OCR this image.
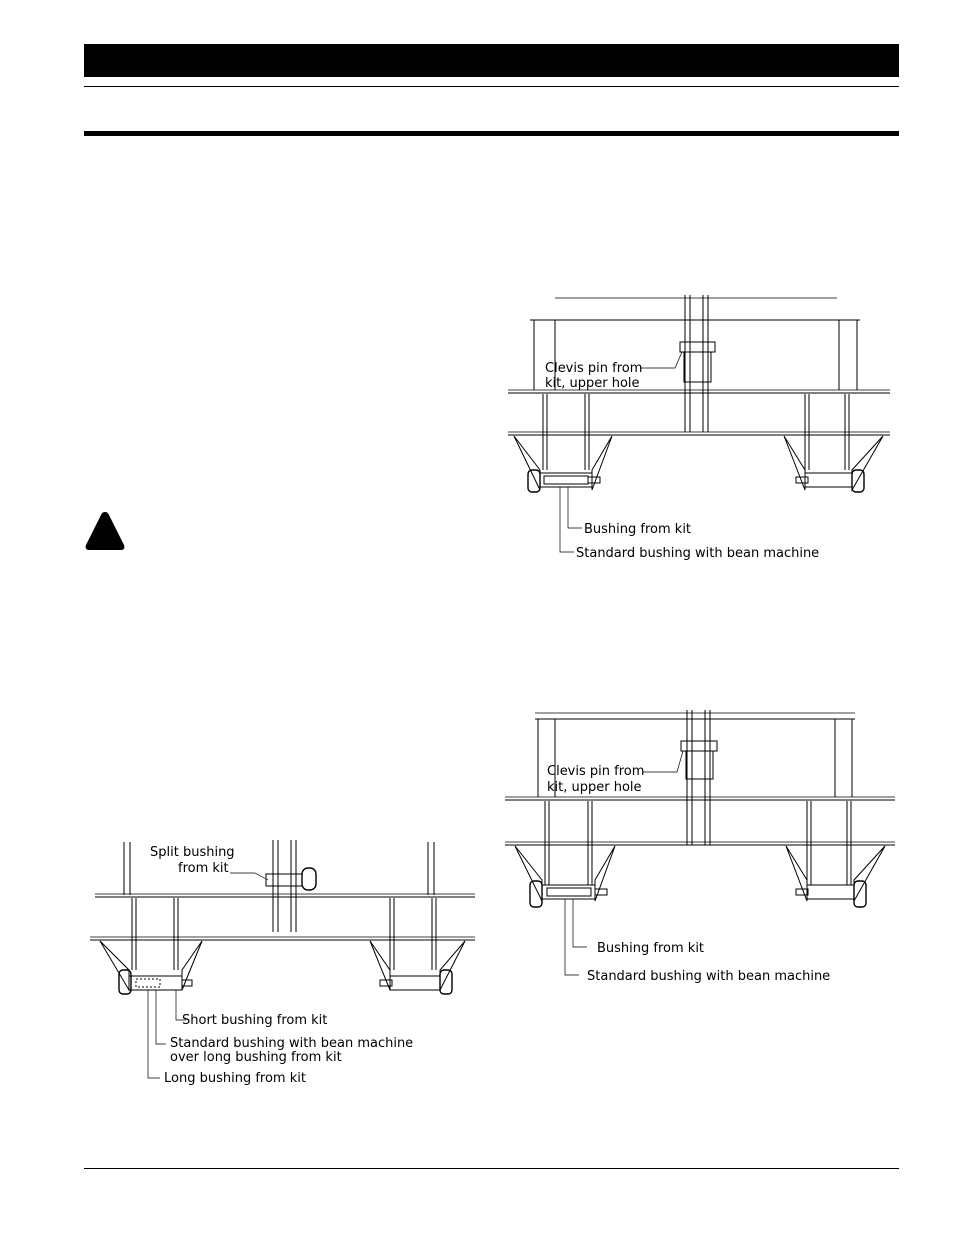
Clevis pin from
kit, upper hole
Bushing from kit
Standard bushing with bean machine
Clevis pin from
kit, upper hole
Bushing from kit
Standard bushing with bean machine
Split bushing
from kit
Short bushing from kit
Standard bushing with bean machine
over long bushing from kit
Long bushing from kit
